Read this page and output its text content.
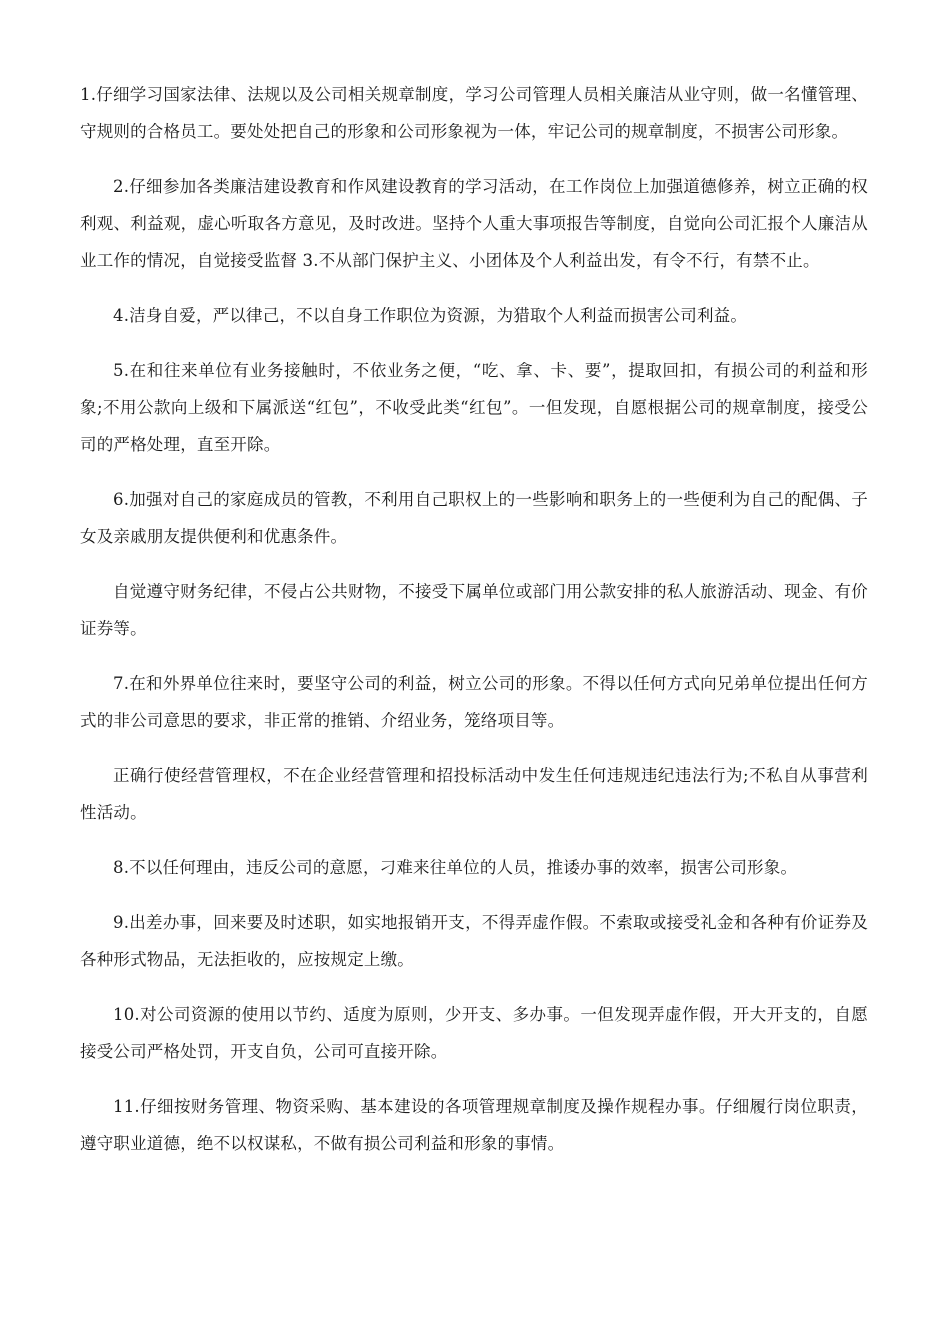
1.仔细学习国家法律、法规以及公司相关规章制度，学习公司管理人员相关廉洁从业守则，做一名懂管理、守规则的合格员工。要处处把自己的形象和公司形象视为一体，牢记公司的规章制度，不损害公司形象。

2.仔细参加各类廉洁建设教育和作风建设教育的学习活动，在工作岗位上加强道德修养，树立正确的权利观、利益观，虚心听取各方意见，及时改进。坚持个人重大事项报告等制度，自觉向公司汇报个人廉洁从业工作的情况，自觉接受监督 3.不从部门保护主义、小团体及个人利益出发，有令不行，有禁不止。

4.洁身自爱，严以律己，不以自身工作职位为资源，为猎取个人利益而损害公司利益。

5.在和往来单位有业务接触时，不依业务之便，“吃、拿、卡、要”，提取回扣，有损公司的利益和形象;不用公款向上级和下属派送“红包”，不收受此类“红包”。一但发现，自愿根据公司的规章制度，接受公司的严格处理，直至开除。

6.加强对自己的家庭成员的管教，不利用自己职权上的一些影响和职务上的一些便利为自己的配偶、子女及亲戚朋友提供便利和优惠条件。

自觉遵守财务纪律，不侵占公共财物，不接受下属单位或部门用公款安排的私人旅游活动、现金、有价证券等。

7.在和外界单位往来时，要坚守公司的利益，树立公司的形象。不得以任何方式向兄弟单位提出任何方式的非公司意思的要求，非正常的推销、介绍业务，笼络项目等。

正确行使经营管理权，不在企业经营管理和招投标活动中发生任何违规违纪违法行为;不私自从事营利性活动。

8.不以任何理由，违反公司的意愿，刁难来往单位的人员，推诿办事的效率，损害公司形象。

9.出差办事，回来要及时述职，如实地报销开支，不得弄虚作假。不索取或接受礼金和各种有价证券及各种形式物品，无法拒收的，应按规定上缴。

10.对公司资源的使用以节约、适度为原则，少开支、多办事。一但发现弄虚作假，开大开支的，自愿接受公司严格处罚，开支自负，公司可直接开除。

11.仔细按财务管理、物资采购、基本建设的各项管理规章制度及操作规程办事。仔细履行岗位职责，遵守职业道德，绝不以权谋私，不做有损公司利益和形象的事情。
